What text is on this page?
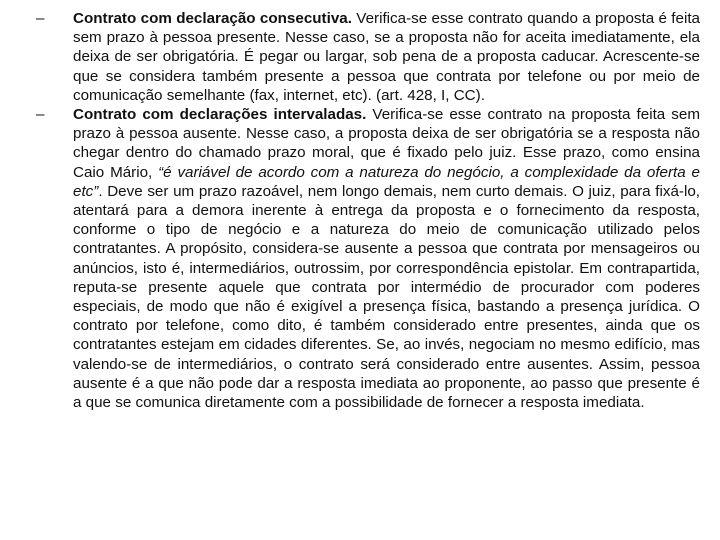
–	Contrato com declaração consecutiva. Verifica-se esse contrato quando a proposta é feita sem prazo à pessoa presente. Nesse caso, se a proposta não for aceita imediatamente, ela deixa de ser obrigatória. É pegar ou largar, sob pena de a proposta caducar. Acrescente-se que se considera também presente a pessoa que contrata por telefone ou por meio de comunicação semelhante (fax, internet, etc). (art. 428, I, CC).
–	Contrato com declarações intervaladas. Verifica-se esse contrato na proposta feita sem prazo à pessoa ausente. Nesse caso, a proposta deixa de ser obrigatória se a resposta não chegar dentro do chamado prazo moral, que é fixado pelo juiz. Esse prazo, como ensina Caio Mário, “é variável de acordo com a natureza do negócio, a complexidade da oferta e etc”. Deve ser um prazo razoável, nem longo demais, nem curto demais. O juiz, para fixá-lo, atentará para a demora inerente à entrega da proposta e o fornecimento da resposta, conforme o tipo de negócio e a natureza do meio de comunicação utilizado pelos contratantes. A propósito, considera-se ausente a pessoa que contrata por mensageiros ou anúncios, isto é, intermediários, outrossim, por correspondência epistolar. Em contrapartida, reputa-se presente aquele que contrata por intermédio de procurador com poderes especiais, de modo que não é exigível a presença física, bastando a presença jurídica. O contrato por telefone, como dito, é também considerado entre presentes, ainda que os contratantes estejam em cidades diferentes. Se, ao invés, negociam no mesmo edifício, mas valendo-se de intermediários, o contrato será considerado entre ausentes. Assim, pessoa ausente é a que não pode dar a resposta imediata ao proponente, ao passo que presente é a que se comunica diretamente com a possibilidade de fornecer a resposta imediata.
